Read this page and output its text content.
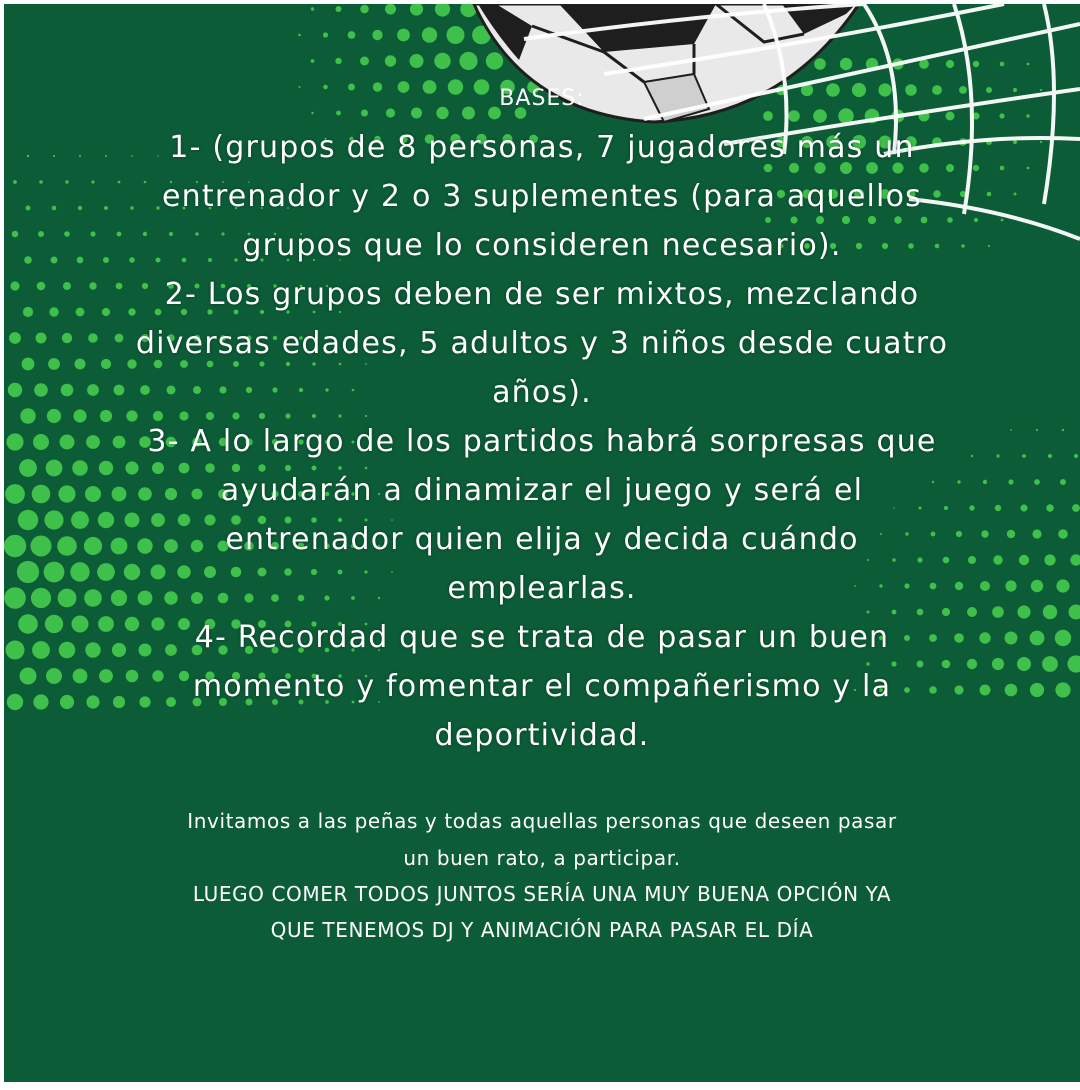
BASES:
1- (grupos de 8 personas, 7 jugadores más un
entrenador y 2 o 3 suplementes (para aquellos
grupos que lo consideren necesario).
2- Los grupos deben de ser mixtos, mezclando
diversas edades, 5 adultos y 3 niños desde cuatro
años).
3- A lo largo de los partidos habrá sorpresas que
ayudarán a dinamizar el juego y será el
entrenador quien elija y decida cuándo
emplearlas.
4- Recordad que se trata de pasar un buen
momento y fomentar el compañerismo y la
deportividad.
Invitamos a las peñas y todas aquellas personas que deseen pasar
un buen rato, a participar.
LUEGO COMER TODOS JUNTOS SERÍA UNA MUY BUENA OPCIÓN YA
QUE TENEMOS DJ Y ANIMACIÓN PARA PASAR EL DÍA
